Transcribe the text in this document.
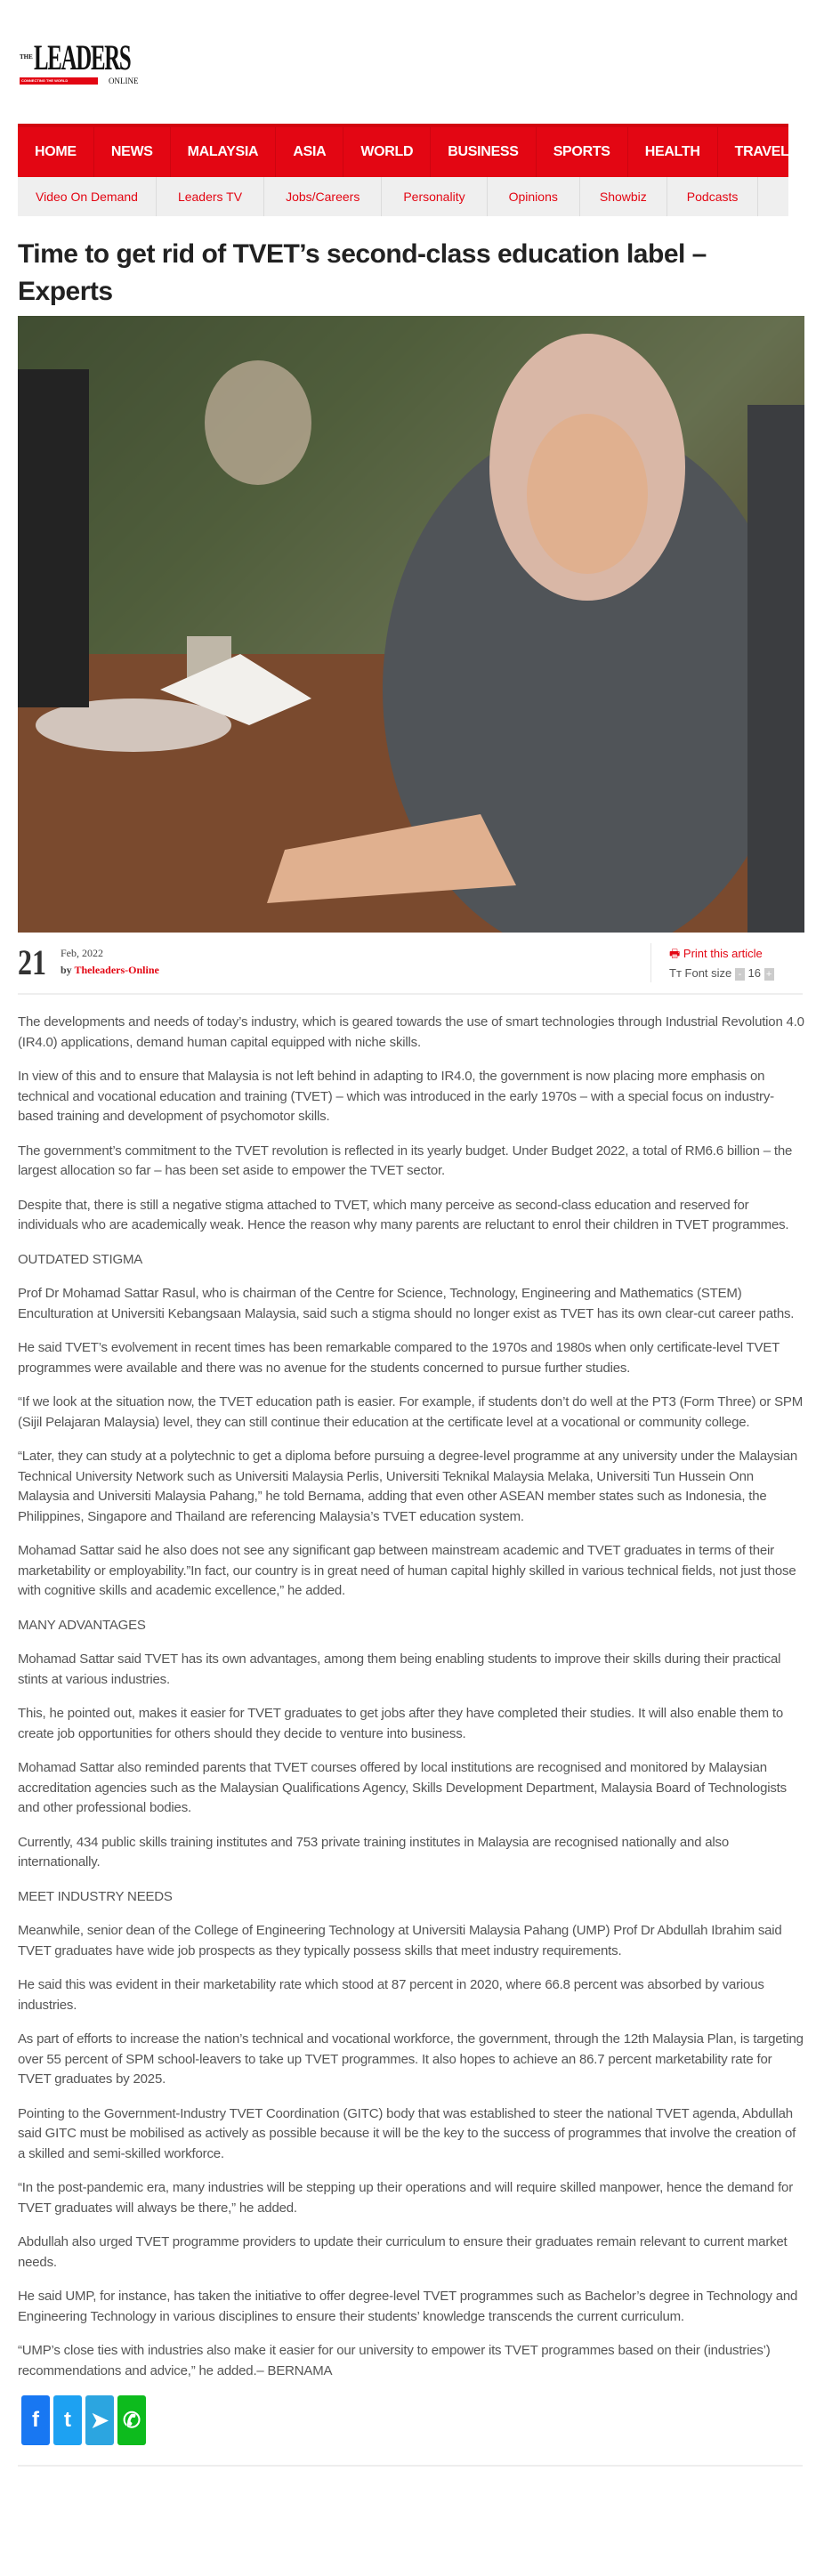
THE LEADERS
CONNECTING THE WORLD	ONLINE
HOME	NEWS	MALAYSIA	ASIA	WORLD	BUSINESS	SPORTS	HEALTH	TRAVEL
Video On Demand	Leaders TV	Jobs/Careers	Personality	Opinions	Showbiz	Podcasts
Time to get rid of TVET’s second-class education label – Experts
21 Feb, 2022
by Theleaders-Online
🖶 Print this article
Tт Font size - 16 +

The developments and needs of today’s industry, which is geared towards the use of smart technologies through Industrial Revolution 4.0 (IR4.0) applications, demand human capital equipped with niche skills.

In view of this and to ensure that Malaysia is not left behind in adapting to IR4.0, the government is now placing more emphasis on technical and vocational education and training (TVET) – which was introduced in the early 1970s – with a special focus on industry-based training and development of psychomotor skills.

The government’s commitment to the TVET revolution is reflected in its yearly budget. Under Budget 2022, a total of RM6.6 billion – the largest allocation so far – has been set aside to empower the TVET sector.

Despite that, there is still a negative stigma attached to TVET, which many perceive as second-class education and reserved for individuals who are academically weak. Hence the reason why many parents are reluctant to enrol their children in TVET programmes.

OUTDATED STIGMA

Prof Dr Mohamad Sattar Rasul, who is chairman of the Centre for Science, Technology, Engineering and Mathematics (STEM) Enculturation at Universiti Kebangsaan Malaysia, said such a stigma should no longer exist as TVET has its own clear-cut career paths.

He said TVET’s evolvement in recent times has been remarkable compared to the 1970s and 1980s when only certificate-level TVET programmes were available and there was no avenue for the students concerned to pursue further studies.

“If we look at the situation now, the TVET education path is easier. For example, if students don’t do well at the PT3 (Form Three) or SPM (Sijil Pelajaran Malaysia) level, they can still continue their education at the certificate level at a vocational or community college.

“Later, they can study at a polytechnic to get a diploma before pursuing a degree-level programme at any university under the Malaysian Technical University Network such as Universiti Malaysia Perlis, Universiti Teknikal Malaysia Melaka, Universiti Tun Hussein Onn Malaysia and Universiti Malaysia Pahang,” he told Bernama, adding that even other ASEAN member states such as Indonesia, the Philippines, Singapore and Thailand are referencing Malaysia’s TVET education system.

Mohamad Sattar said he also does not see any significant gap between mainstream academic and TVET graduates in terms of their marketability or employability.”In fact, our country is in great need of human capital highly skilled in various technical fields, not just those with cognitive skills and academic excellence,” he added.

MANY ADVANTAGES

Mohamad Sattar said TVET has its own advantages, among them being enabling students to improve their skills during their practical stints at various industries.

This, he pointed out, makes it easier for TVET graduates to get jobs after they have completed their studies. It will also enable them to create job opportunities for others should they decide to venture into business.

Mohamad Sattar also reminded parents that TVET courses offered by local institutions are recognised and monitored by Malaysian accreditation agencies such as the Malaysian Qualifications Agency, Skills Development Department, Malaysia Board of Technologists and other professional bodies.

Currently, 434 public skills training institutes and 753 private training institutes in Malaysia are recognised nationally and also internationally.

MEET INDUSTRY NEEDS

Meanwhile, senior dean of the College of Engineering Technology at Universiti Malaysia Pahang (UMP) Prof Dr Abdullah Ibrahim said TVET graduates have wide job prospects as they typically possess skills that meet industry requirements.

He said this was evident in their marketability rate which stood at 87 percent in 2020, where 66.8 percent was absorbed by various industries.

As part of efforts to increase the nation’s technical and vocational workforce, the government, through the 12th Malaysia Plan, is targeting over 55 percent of SPM school-leavers to take up TVET programmes. It also hopes to achieve an 86.7 percent marketability rate for TVET graduates by 2025.

Pointing to the Government-Industry TVET Coordination (GITC) body that was established to steer the national TVET agenda, Abdullah said GITC must be mobilised as actively as possible because it will be the key to the success of programmes that involve the creation of a skilled and semi-skilled workforce.

“In the post-pandemic era, many industries will be stepping up their operations and will require skilled manpower, hence the demand for TVET graduates will always be there,” he added.

Abdullah also urged TVET programme providers to update their curriculum to ensure their graduates remain relevant to current market needs.

He said UMP, for instance, has taken the initiative to offer degree-level TVET programmes such as Bachelor’s degree in Technology and Engineering Technology in various disciplines to ensure their students’ knowledge transcends the current curriculum.

“UMP’s close ties with industries also make it easier for our university to empower its TVET programmes based on their (industries’) recommendations and advice,” he added.– BERNAMA

f t ➤ ✆
